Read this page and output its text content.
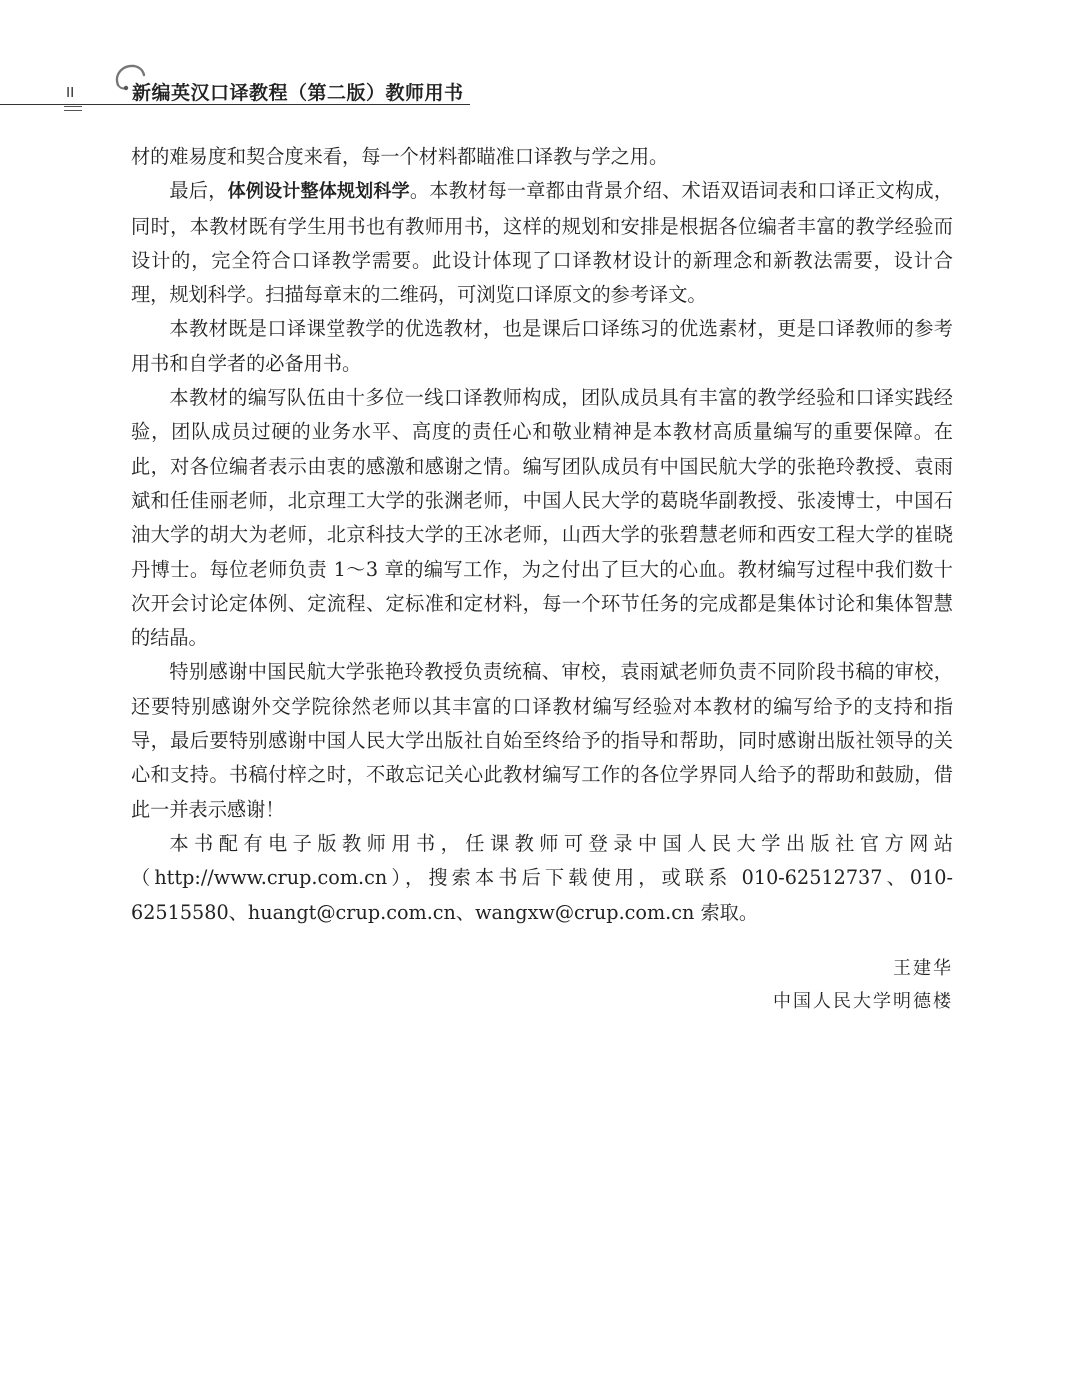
II	新编英汉口译教程（第二版）教师用书

材的难易度和契合度来看，每一个材料都瞄准口译教与学之用。

最后，体例设计整体规划科学。本教材每一章都由背景介绍、术语双语词表和口译正文构成，同时，本教材既有学生用书也有教师用书，这样的规划和安排是根据各位编者丰富的教学经验而设计的，完全符合口译教学需要。此设计体现了口译教材设计的新理念和新教法需要，设计合理，规划科学。扫描每章末的二维码，可浏览口译原文的参考译文。

本教材既是口译课堂教学的优选教材，也是课后口译练习的优选素材，更是口译教师的参考用书和自学者的必备用书。

本教材的编写队伍由十多位一线口译教师构成，团队成员具有丰富的教学经验和口译实践经验，团队成员过硬的业务水平、高度的责任心和敬业精神是本教材高质量编写的重要保障。在此，对各位编者表示由衷的感激和感谢之情。编写团队成员有中国民航大学的张艳玲教授、袁雨斌和任佳丽老师，北京理工大学的张渊老师，中国人民大学的葛晓华副教授、张凌博士，中国石油大学的胡大为老师，北京科技大学的王冰老师，山西大学的张碧慧老师和西安工程大学的崔晓丹博士。每位老师负责 1～3 章的编写工作，为之付出了巨大的心血。教材编写过程中我们数十次开会讨论定体例、定流程、定标准和定材料，每一个环节任务的完成都是集体讨论和集体智慧的结晶。

特别感谢中国民航大学张艳玲教授负责统稿、审校，袁雨斌老师负责不同阶段书稿的审校，还要特别感谢外交学院徐然老师以其丰富的口译教材编写经验对本教材的编写给予的支持和指导，最后要特别感谢中国人民大学出版社自始至终给予的指导和帮助，同时感谢出版社领导的关心和支持。书稿付梓之时，不敢忘记关心此教材编写工作的各位学界同人给予的帮助和鼓励，借此一并表示感谢！

本书配有电子版教师用书，任课教师可登录中国人民大学出版社官方网站（http://www.crup.com.cn），搜索本书后下载使用，或联系 010-62512737、010-62515580、huangt@crup.com.cn、wangxw@crup.com.cn 索取。

王建华
中国人民大学明德楼
